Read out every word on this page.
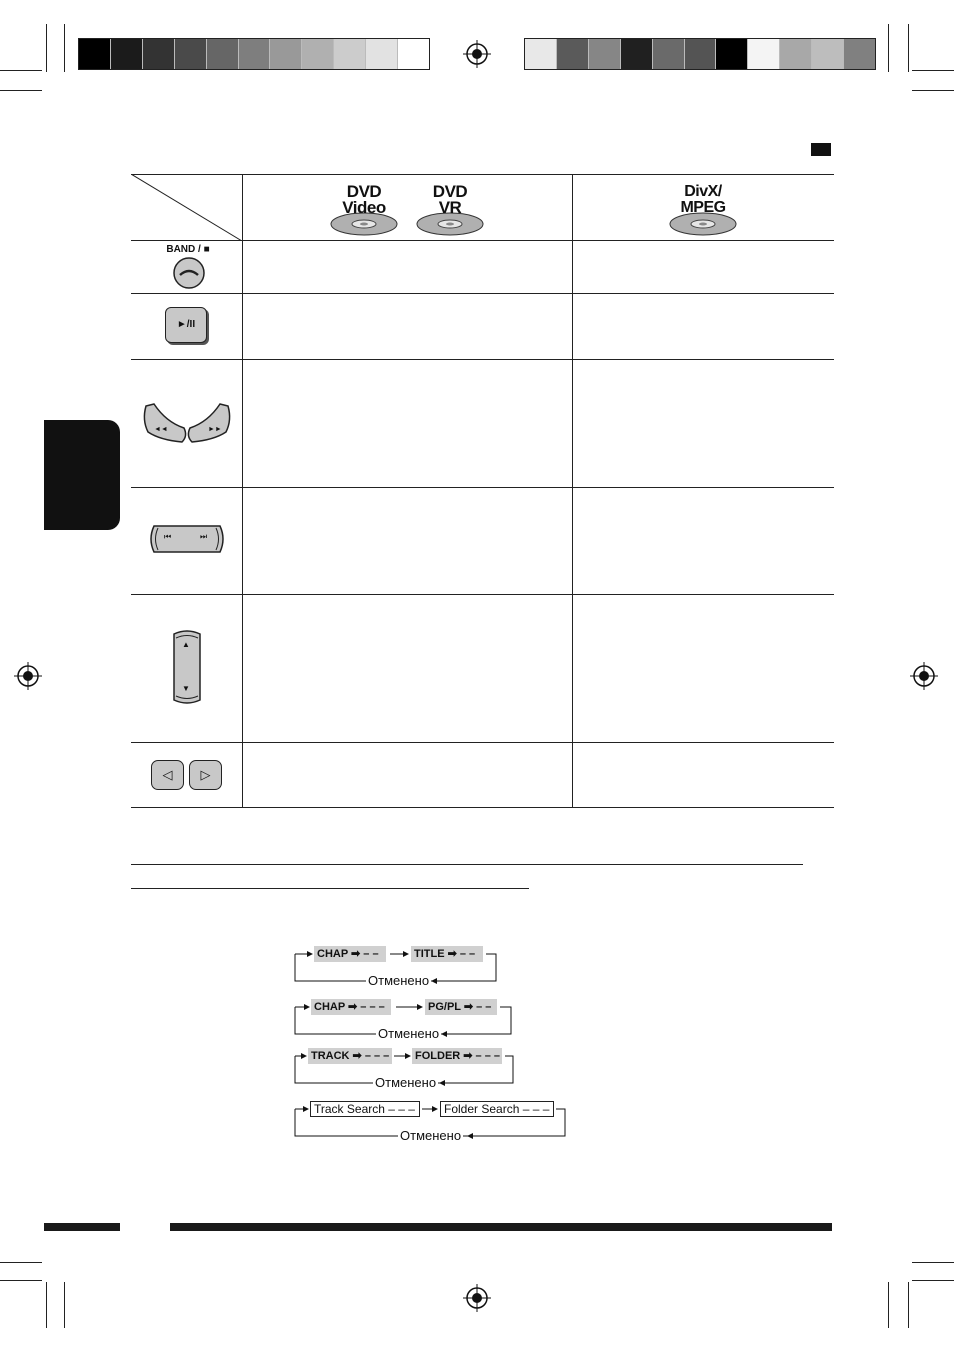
DVD
Video
DVD
VR
DivX/
MPEG
BAND / ■
►/II
◄◄	►►
⏮	⏭
▲
▼
◁	▷
CHAP ➡ – –	TITLE ➡ – –
Отменено
CHAP ➡ – – –	PG/PL ➡ – –
Отменено
TRACK ➡ – – – FOLDER ➡ – – –
Отменено
Track Search – – –	Folder Search – – –
Отменено
